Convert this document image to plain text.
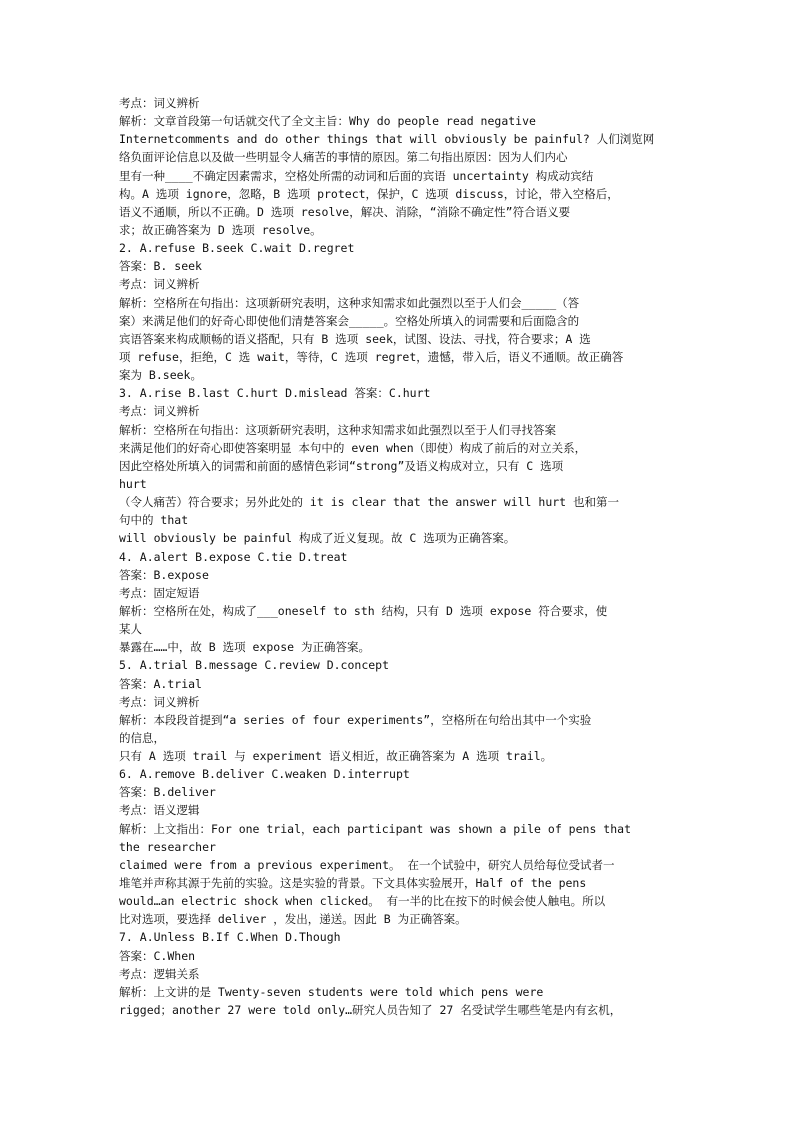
考点：词义辨析
解析：文章首段第一句话就交代了全文主旨：Why do people read negative
Internetcomments and do other things that will obviously be painful? 人们浏览网
络负面评论信息以及做一些明显令人痛苦的事情的原因。第二句指出原因：因为人们内心
里有一种____不确定因素需求，空格处所需的动词和后面的宾语 uncertainty 构成动宾结
构。A 选项 ignore，忽略，B 选项 protect，保护，C 选项 discuss，讨论，带入空格后，
语义不通顺，所以不正确。D 选项 resolve，解决、消除，“消除不确定性”符合语义要
求；故正确答案为 D 选项 resolve。
2. A.refuse B.seek C.wait D.regret
答案：B. seek
考点：词义辨析
解析：空格所在句指出：这项新研究表明，这种求知需求如此强烈以至于人们会_____（答
案）来满足他们的好奇心即使他们清楚答案会_____。空格处所填入的词需要和后面隐含的
宾语答案来构成顺畅的语义搭配，只有 B 选项 seek，试图、设法、寻找，符合要求；A 选
项 refuse，拒绝，C 选 wait，等待，C 选项 regret，遗憾，带入后，语义不通顺。故正确答
案为 B.seek。
3. A.rise B.last C.hurt D.mislead 答案：C.hurt
考点：词义辨析
解析：空格所在句指出：这项新研究表明，这种求知需求如此强烈以至于人们寻找答案
来满足他们的好奇心即使答案明显 本句中的 even when（即使）构成了前后的对立关系，
因此空格处所填入的词需和前面的感情色彩词“strong”及语义构成对立，只有 C 选项
hurt
（令人痛苦）符合要求；另外此处的 it is clear that the answer will hurt 也和第一
句中的 that
will obviously be painful 构成了近义复现。故 C 选项为正确答案。
4. A.alert B.expose C.tie D.treat
答案：B.expose
考点：固定短语
解析：空格所在处，构成了___oneself to sth 结构，只有 D 选项 expose 符合要求，使
某人
暴露在……中，故 B 选项 expose 为正确答案。
5. A.trial B.message C.review D.concept
答案：A.trial
考点：词义辨析
解析：本段段首提到“a series of four experiments”，空格所在句给出其中一个实验
的信息，
只有 A 选项 trail 与 experiment 语义相近，故正确答案为 A 选项 trail。
6. A.remove B.deliver C.weaken D.interrupt
答案：B.deliver
考点：语义逻辑
解析：上文指出：For one trial，each participant was shown a pile of pens that
the researcher
claimed were from a previous experiment。 在一个试验中，研究人员给每位受试者一
堆笔并声称其源于先前的实验。这是实验的背景。下文具体实验展开，Half of the pens
would…an electric shock when clicked。 有一半的比在按下的时候会使人触电。所以
比对选项，要选择 deliver ，发出，递送。因此 B 为正确答案。
7. A.Unless B.If C.When D.Though
答案：C.When
考点：逻辑关系
解析：上文讲的是 Twenty-seven students were told which pens were
rigged；another 27 were told only…研究人员告知了 27 名受试学生哪些笔是内有玄机，
